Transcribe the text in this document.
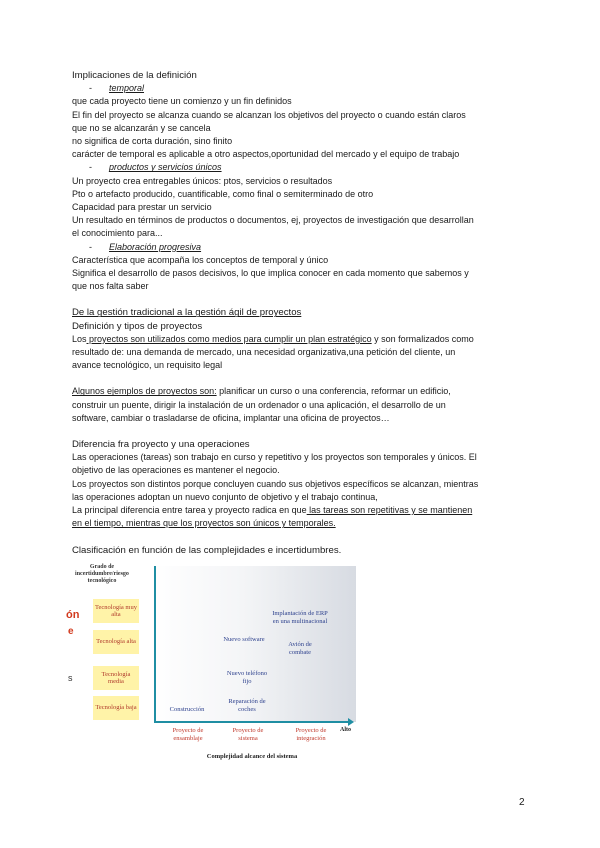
Implicaciones de la definición
- temporal
que cada proyecto tiene un comienzo y un fin definidos
El fin del proyecto se alcanza cuando se alcanzan los objetivos del proyecto o cuando están claros
que no se alcanzarán y se cancela
no significa de corta duración, sino finito
carácter de temporal es aplicable a otro aspectos,oportunidad del mercado y el equipo de trabajo
- productos y servicios únicos
Un proyecto crea entregables únicos: ptos, servicios o resultados
Pto o artefacto producido, cuantificable, como final o semiterminado de otro
Capacidad para prestar un servicio
Un resultado en términos de productos o documentos, ej, proyectos de investigación que desarrollan
el conocimiento para...
- Elaboración progresiva
Característica que acompaña los conceptos de temporal y único
Significa el desarrollo de pasos decisivos, lo que implica conocer en cada momento que sabemos y
que nos falta saber
De la gestión tradicional a la gestión ágil de proyectos
Definición y tipos de proyectos
Los proyectos son utilizados como medios para cumplir un plan estratégico y son formalizados como
resultado de: una demanda de mercado, una necesidad organizativa,una petición del cliente, un
avance tecnológico, un requisito legal
Algunos ejemplos de proyectos son: planificar un curso o una conferencia, reformar un edificio,
construir un puente, dirigir la instalación de un ordenador o una aplicación, el desarrollo de un
software, cambiar o trasladarse de oficina, implantar una oficina de proyectos…
Diferencia fra proyecto y una operaciones
Las operaciones (tareas) son trabajo en curso y repetitivo y los proyectos son temporales y únicos. El
objetivo de las operaciones es mantener el negocio.
Los proyectos son distintos porque concluyen cuando sus objetivos específicos se alcanzan, mientras
las operaciones adoptan un nuevo conjunto de objetivo y el trabajo continua,
La principal diferencia entre tarea y proyecto radica en que las tareas son repetitivas y se mantienen
en el tiempo, mientras que los proyectos son únicos y temporales.
Clasificación en función de las complejidades e incertidumbres.
Grado de incertidumbre/riesgo tecnológico
ón
e
s
Tecnología muy alta
Tecnología alta
Tecnología media
Tecnología baja
Implantación de ERP en una multinacional
Avión de combate
Nuevo software
Nuevo teléfono fijo
Construcción
Reparación de coches
Proyecto de ensamblaje
Proyecto de sistema
Proyecto de integración
Alto
Complejidad alcance del sistema
2
